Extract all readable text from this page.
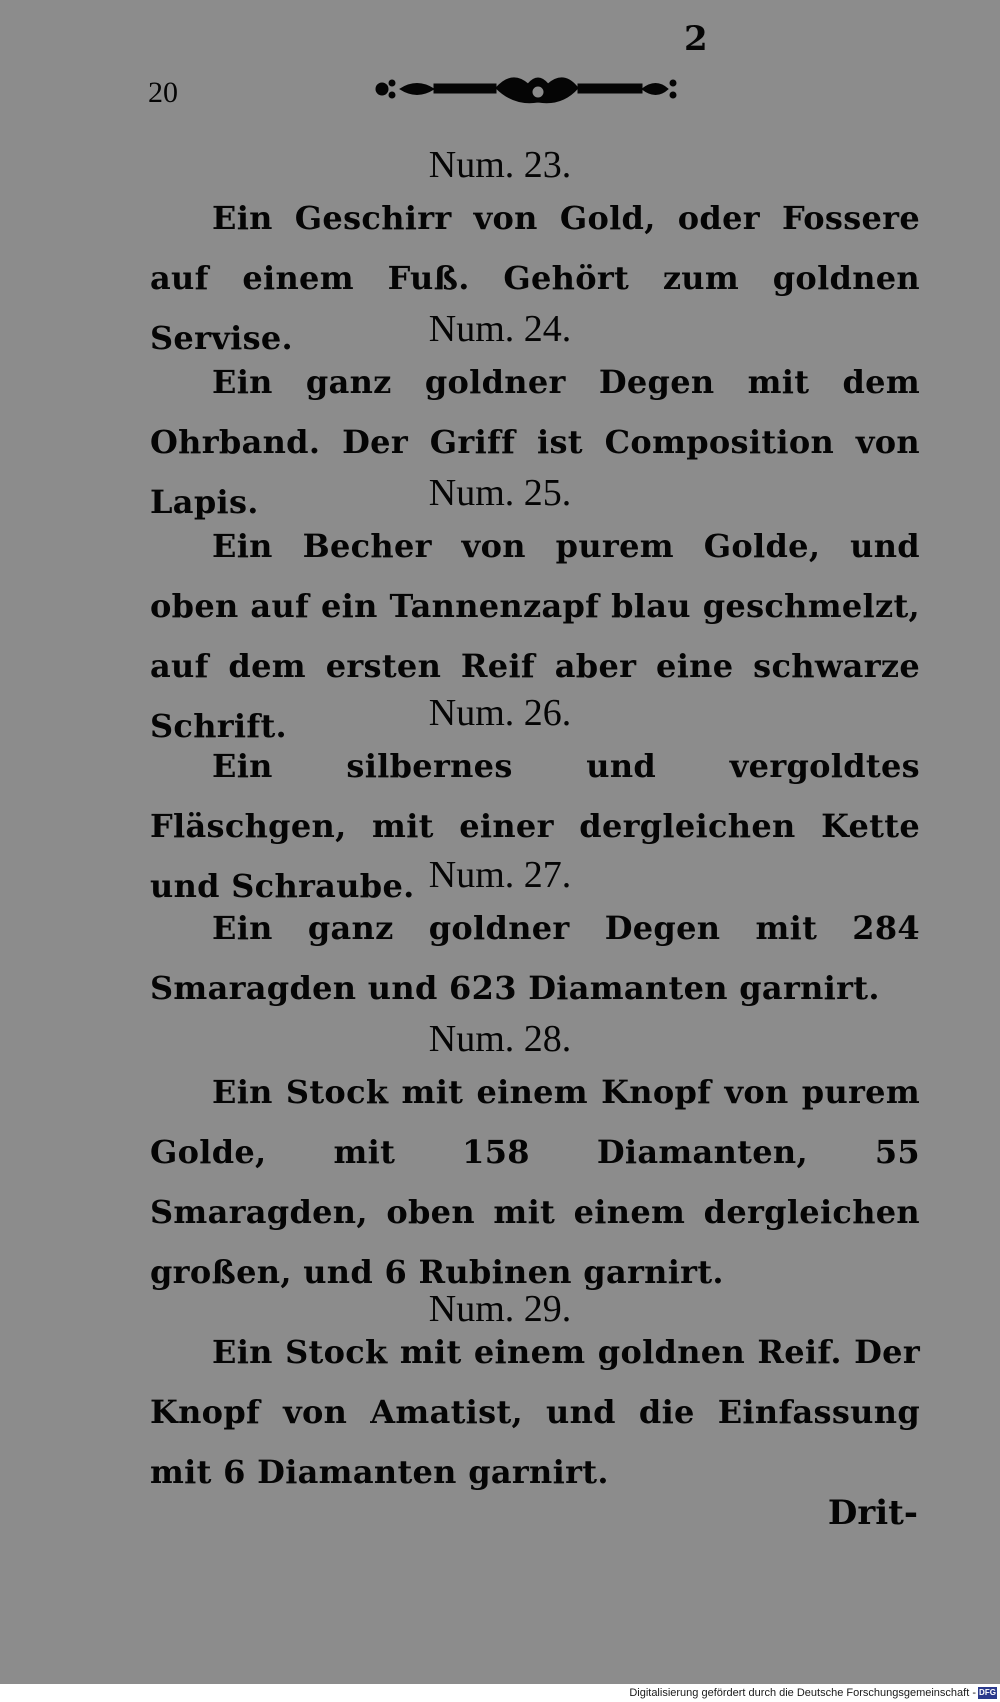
2
20
Num. 23.
Ein Geschirr von Gold, oder Fossere auf einem Fuß. Gehört zum goldnen Servise.	Num. 24.
Ein ganz goldner Degen mit dem Ohrband. Der Griff ist Composition von Lapis.	Num. 25.
Ein Becher von purem Golde, und oben auf ein Tannenzapf blau geschmelzt, auf dem ersten Reif aber eine schwarze Schrift.	Num. 26.
Ein silbernes und vergoldtes Fläschgen, mit einer dergleichen Kette und Schraube. Num. 27.
Ein ganz goldner Degen mit 284 Smaragden und 623 Diamanten garnirt.
Num. 28.
Ein Stock mit einem Knopf von purem Golde, mit 158 Diamanten, 55 Smaragden, oben mit einem dergleichen großen, und 6 Rubinen garnirt.
Num. 29.
Ein Stock mit einem goldnen Reif. Der Knopf von Amatist, und die Einfassung mit 6 Diamanten garnirt.
Drit-
Digitalisierung gefördert durch die Deutsche Forschungsgemeinschaft - DFG
